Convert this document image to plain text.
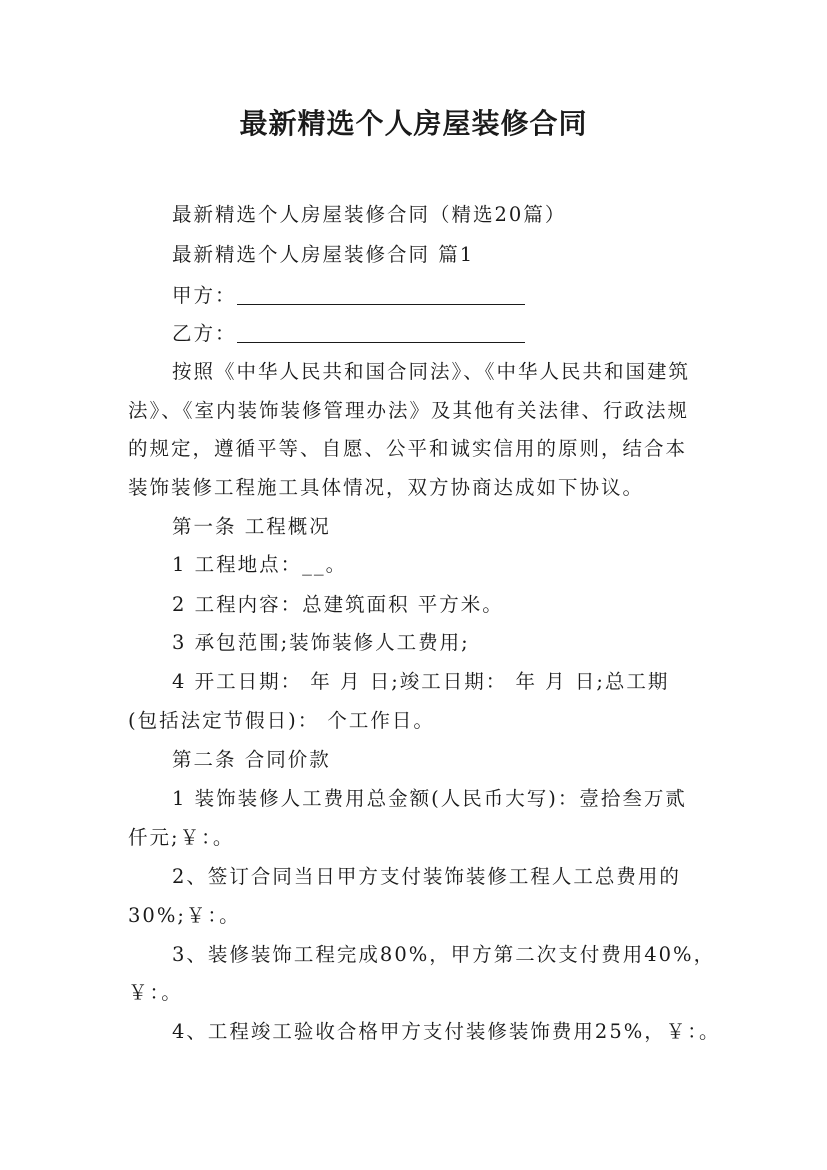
最新精选个人房屋装修合同
最新精选个人房屋装修合同（精选20篇）
最新精选个人房屋装修合同 篇1
甲方：
乙方：
按照《中华人民共和国合同法》、《中华人民共和国建筑
法》、《室内装饰装修管理办法》及其他有关法律、行政法规
的规定，遵循平等、自愿、公平和诚实信用的原则，结合本
装饰装修工程施工具体情况，双方协商达成如下协议。
第一条 工程概况
1 工程地点：__。
2 工程内容：总建筑面积 平方米。
3 承包范围;装饰装修人工费用;
4 开工日期： 年 月 日;竣工日期： 年 月 日;总工期
(包括法定节假日)： 个工作日。
第二条 合同价款
1 装饰装修人工费用总金额(人民币大写)：壹拾叁万贰
仟元;￥：。
2、签订合同当日甲方支付装饰装修工程人工总费用的
30%;￥：。
3、装修装饰工程完成80%，甲方第二次支付费用40%，
￥：。
4、工程竣工验收合格甲方支付装修装饰费用25%，￥：。
